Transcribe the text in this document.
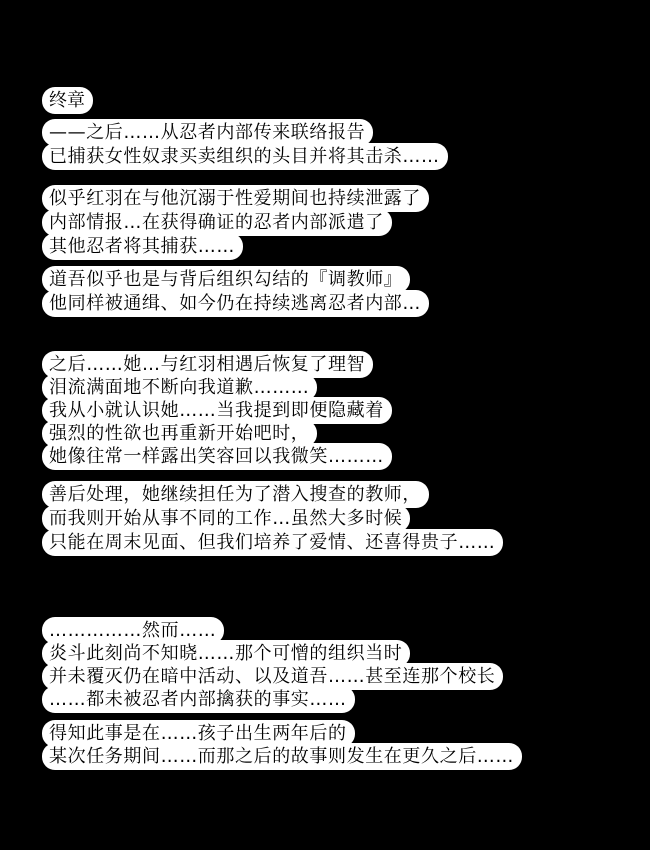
终章
——之后……从忍者内部传来联络报告
已捕获女性奴隶买卖组织的头目并将其击杀……
似乎红羽在与他沉溺于性爱期间也持续泄露了
内部情报…在获得确证的忍者内部派遣了
其他忍者将其捕获……
道吾似乎也是与背后组织勾结的『调教师』
他同样被通缉、如今仍在持续逃离忍者内部…
之后……她…与红羽相遇后恢复了理智
泪流满面地不断向我道歉………
我从小就认识她……当我提到即便隐藏着
强烈的性欲也再重新开始吧时，
她像往常一样露出笑容回以我微笑………
善后处理，她继续担任为了潜入搜查的教师，
而我则开始从事不同的工作…虽然大多时候
只能在周末见面、但我们培养了爱情、还喜得贵子……
……………然而……
炎斗此刻尚不知晓……那个可憎的组织当时
并未覆灭仍在暗中活动、以及道吾……甚至连那个校长
……都未被忍者内部擒获的事实……
得知此事是在……孩子出生两年后的
某次任务期间……而那之后的故事则发生在更久之后……
